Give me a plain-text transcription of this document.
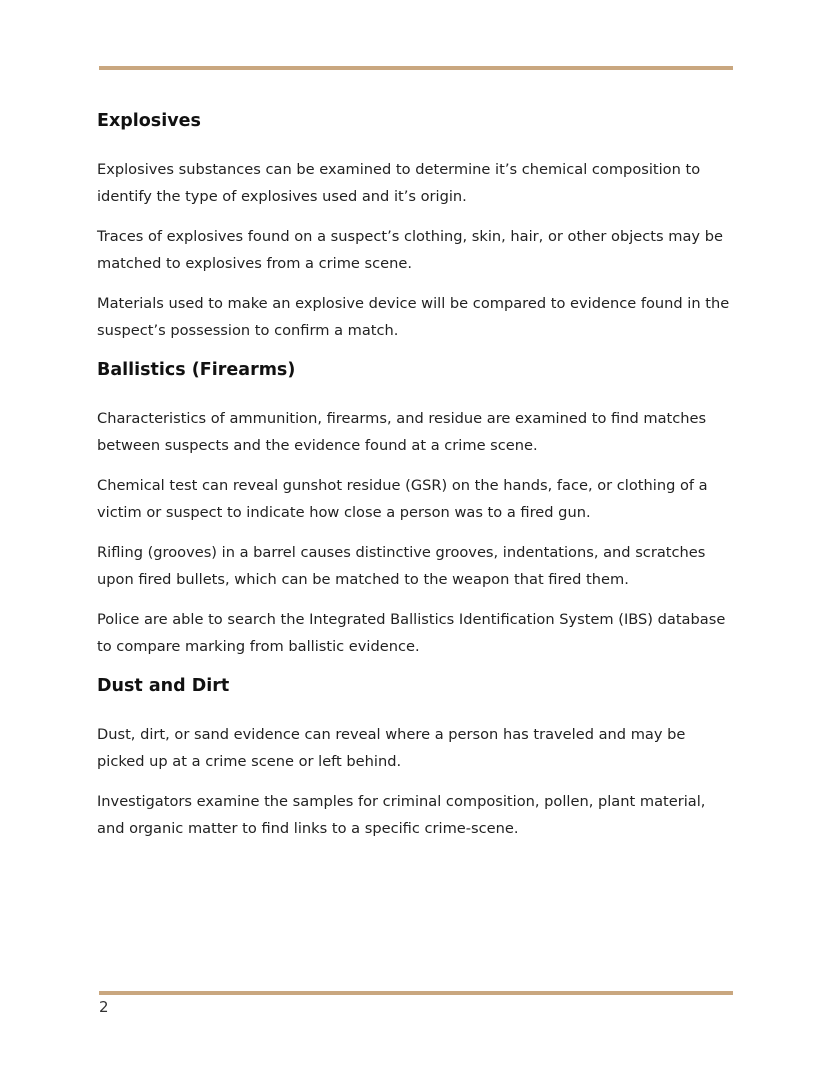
Explosives

Explosives substances can be examined to determine it’s chemical composition to identify the type of explosives used and it’s origin.

Traces of explosives found on a suspect’s clothing, skin, hair, or other objects may be matched to explosives from a crime scene.

Materials used to make an explosive device will be compared to evidence found in the suspect’s possession to confirm a match.

Ballistics (Firearms)

Characteristics of ammunition, firearms, and residue are examined to find matches between suspects and the evidence found at a crime scene.

Chemical test can reveal gunshot residue (GSR) on the hands, face, or clothing of a victim or suspect to indicate how close a person was to a fired gun.

Rifling (grooves) in a barrel causes distinctive grooves, indentations, and scratches upon fired bullets, which can be matched to the weapon that fired them.

Police are able to search the Integrated Ballistics Identification System (IBS) database to compare marking from ballistic evidence.

Dust and Dirt

Dust, dirt, or sand evidence can reveal where a person has traveled and may be picked up at a crime scene or left behind.

Investigators examine the samples for criminal composition, pollen, plant material, and organic matter to find links to a specific crime-scene.

2
